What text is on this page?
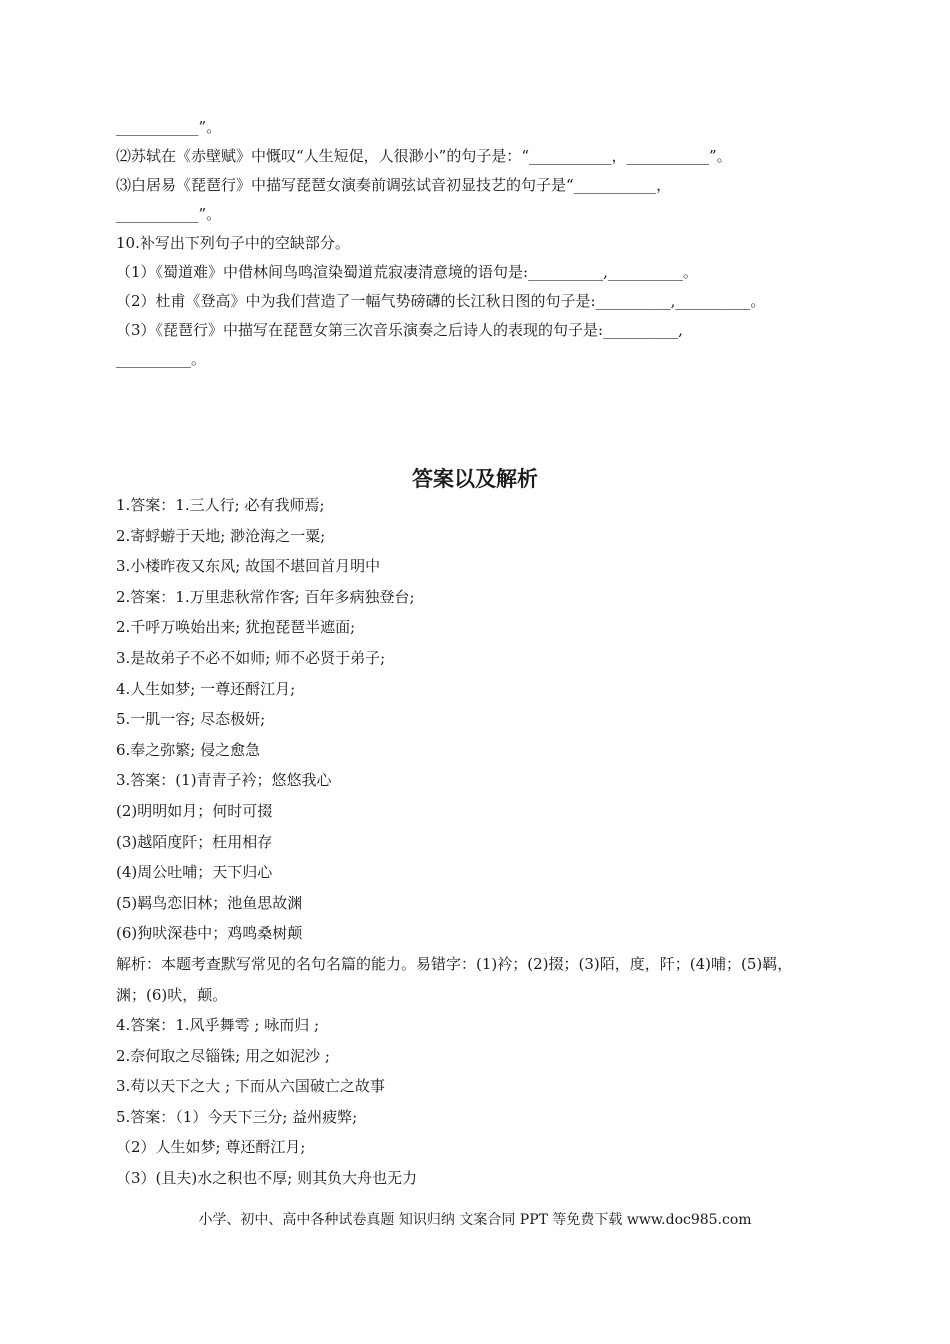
___________”。
⑵苏轼在《赤壁赋》中慨叹“人生短促，人很渺小”的句子是：“___________，___________”。
⑶白居易《琵琶行》中描写琵琶女演奏前调弦试音初显技艺的句子是“___________，
___________”。
10.补写出下列句子中的空缺部分。
（1）《蜀道难》中借林间鸟鸣渲染蜀道荒寂凄清意境的语句是:__________,__________。
（2）杜甫《登高》中为我们营造了一幅气势磅礴的长江秋日图的句子是:__________,__________。
（3）《琵琶行》中描写在琵琶女第三次音乐演奏之后诗人的表现的句子是:__________,
__________。
答案以及解析
1.答案：1.三人行; 必有我师焉;
2.寄蜉蝣于天地; 渺沧海之一粟;
3.小楼昨夜又东风; 故国不堪回首月明中
2.答案：1.万里悲秋常作客; 百年多病独登台;
2.千呼万唤始出来; 犹抱琵琶半遮面;
3.是故弟子不必不如师; 师不必贤于弟子;
4.人生如梦; 一尊还酹江月;
5.一肌一容; 尽态极妍;
6.奉之弥繁; 侵之愈急
3.答案：(1)青青子衿；悠悠我心
(2)明明如月；何时可掇
(3)越陌度阡；枉用相存
(4)周公吐哺；天下归心
(5)羁鸟恋旧林；池鱼思故渊
(6)狗吠深巷中；鸡鸣桑树颠
解析：本题考查默写常见的名句名篇的能力。易错字：(1)衿；(2)掇；(3)陌，度，阡；(4)哺；(5)羁，
渊；(6)吠，颠。
4.答案：1.风乎舞雩 ; 咏而归 ;
2.奈何取之尽锱铢; 用之如泥沙 ;
3.苟以天下之大 ; 下而从六国破亡之故事
5.答案：（1）今天下三分; 益州疲弊;
（2）人生如梦; 尊还酹江月;
（3）(且夫)水之积也不厚; 则其负大舟也无力
小学、初中、高中各种试卷真题 知识归纳 文案合同 PPT 等免费下载 www.doc985.com
